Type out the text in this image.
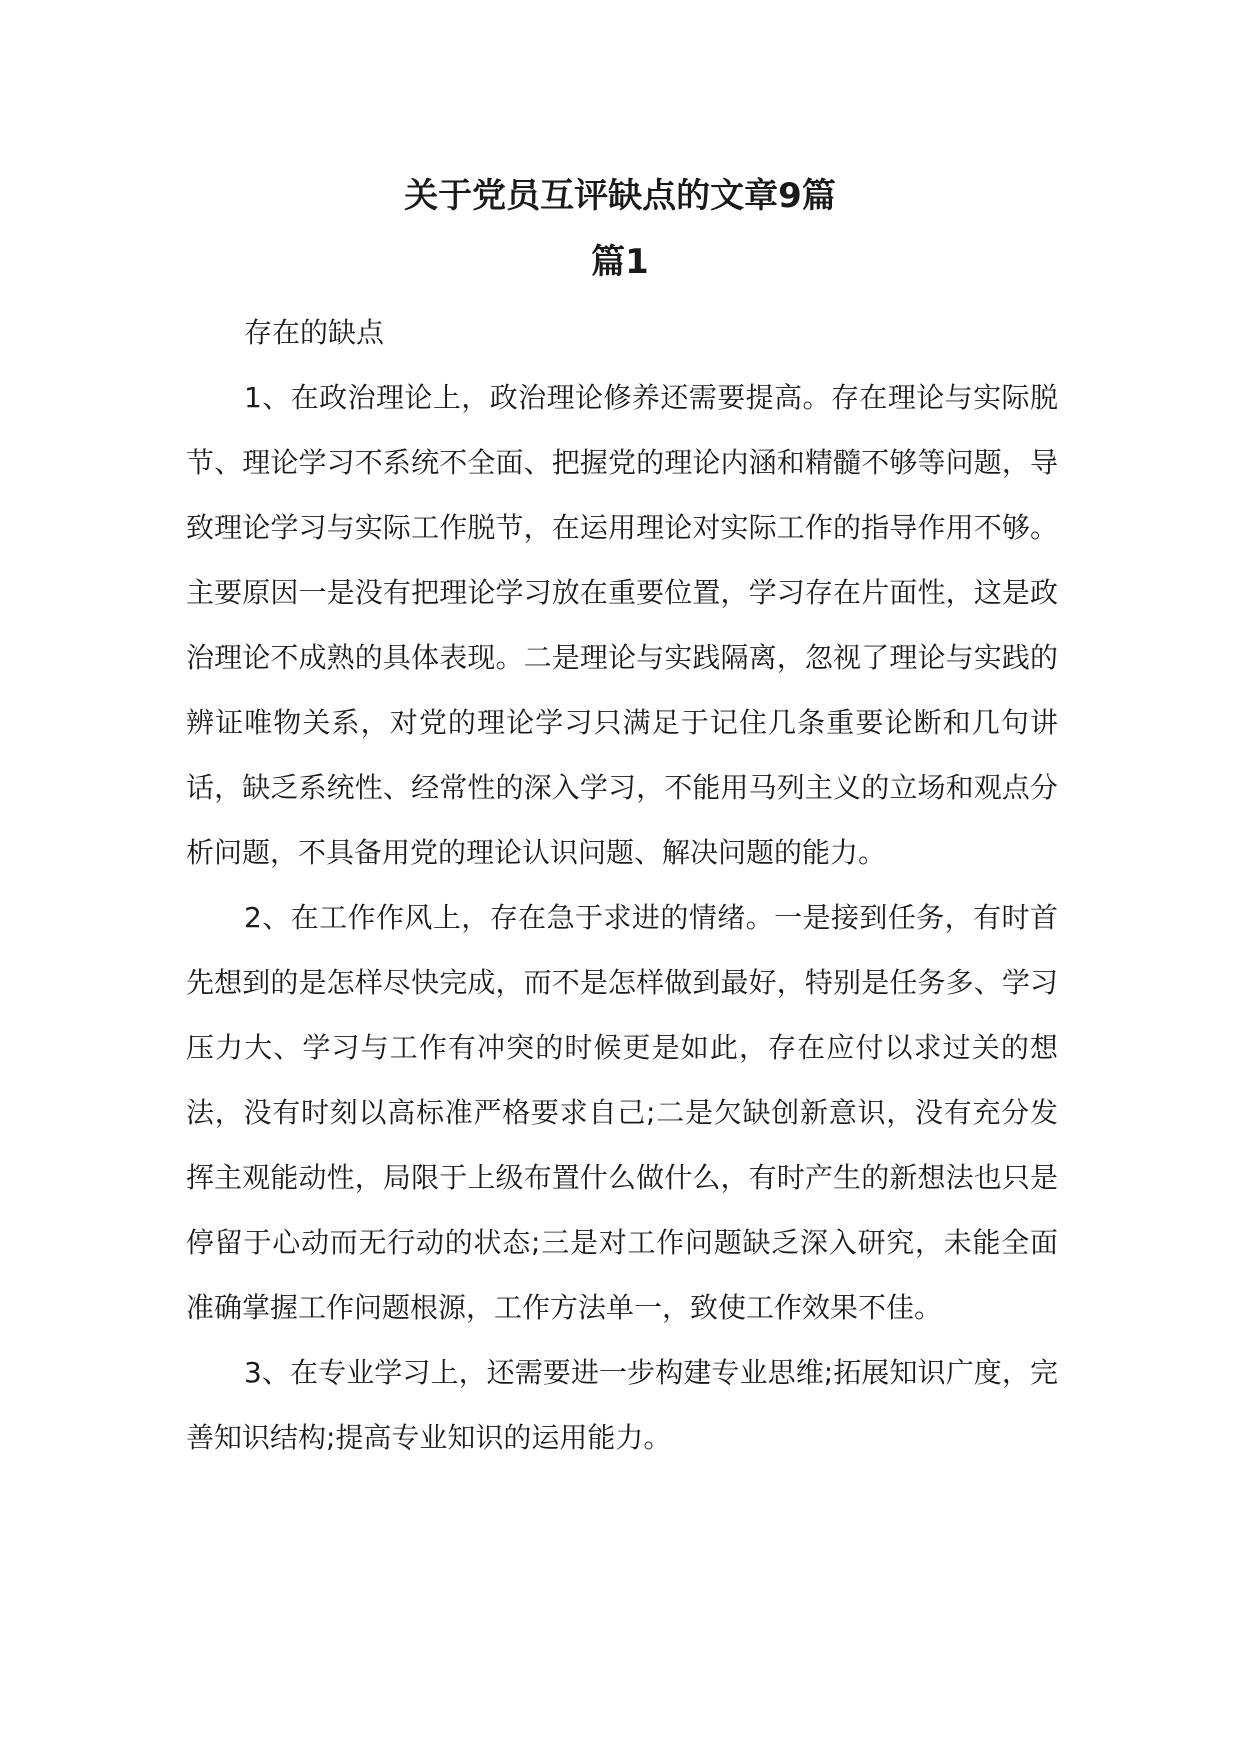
关于党员互评缺点的文章9篇
篇1

存在的缺点

1、在政治理论上，政治理论修养还需要提高。存在理论与实际脱节、理论学习不系统不全面、把握党的理论内涵和精髓不够等问题，导致理论学习与实际工作脱节，在运用理论对实际工作的指导作用不够。主要原因一是没有把理论学习放在重要位置，学习存在片面性，这是政治理论不成熟的具体表现。二是理论与实践隔离，忽视了理论与实践的辨证唯物关系，对党的理论学习只满足于记住几条重要论断和几句讲话，缺乏系统性、经常性的深入学习，不能用马列主义的立场和观点分析问题，不具备用党的理论认识问题、解决问题的能力。

2、在工作作风上，存在急于求进的情绪。一是接到任务，有时首先想到的是怎样尽快完成，而不是怎样做到最好，特别是任务多、学习压力大、学习与工作有冲突的时候更是如此，存在应付以求过关的想法，没有时刻以高标准严格要求自己;二是欠缺创新意识，没有充分发挥主观能动性，局限于上级布置什么做什么，有时产生的新想法也只是停留于心动而无行动的状态;三是对工作问题缺乏深入研究，未能全面准确掌握工作问题根源，工作方法单一，致使工作效果不佳。

3、在专业学习上，还需要进一步构建专业思维;拓展知识广度，完善知识结构;提高专业知识的运用能力。
